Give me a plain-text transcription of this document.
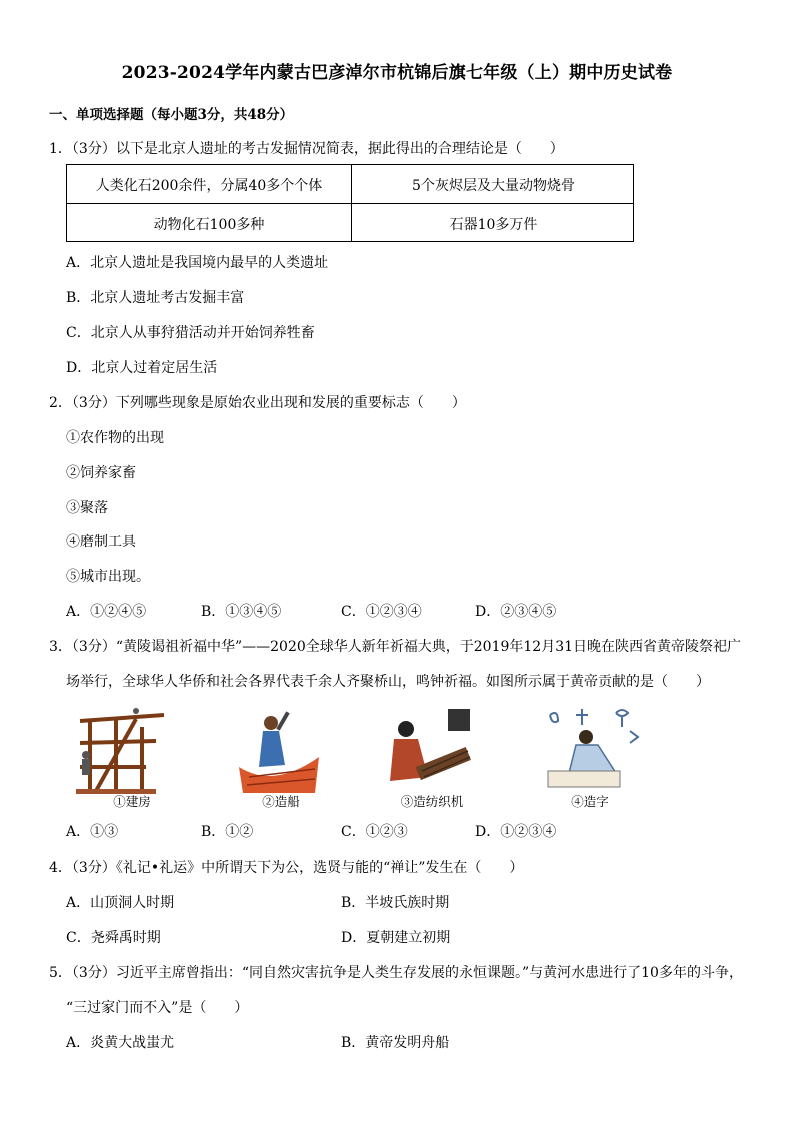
2023-2024学年内蒙古巴彦淖尔市杭锦后旗七年级（上）期中历史试卷
一、单项选择题（每小题3分，共48分）
1．（3分）以下是北京人遗址的考古发掘情况简表，据此得出的合理结论是（　　）
人类化石200余件，分属40多个个体	5个灰烬层及大量动物烧骨
动物化石100多种	石器10多万件
A．北京人遗址是我国境内最早的人类遗址
B．北京人遗址考古发掘丰富
C．北京人从事狩猎活动并开始饲养牲畜
D．北京人过着定居生活
2．（3分）下列哪些现象是原始农业出现和发展的重要标志（　　）
①农作物的出现
②饲养家畜
③聚落
④磨制工具
⑤城市出现。
A．①②④⑤	B．①③④⑤	C．①②③④	D．②③④⑤
3．（3分）“黄陵谒祖祈福中华”——2020全球华人新年祈福大典，于2019年12月31日晚在陕西省黄帝陵祭祀广
场举行，全球华人华侨和社会各界代表千余人齐聚桥山，鸣钟祈福。如图所示属于黄帝贡献的是（　　）
①建房	②造船	③造纺织机	④造字
A．①③	B．①②	C．①②③	D．①②③④
4．（3分）《礼记•礼运》中所谓天下为公，选贤与能的“禅让”发生在（　　）
A．山顶洞人时期	B．半坡氏族时期
C．尧舜禹时期	D．夏朝建立初期
5．（3分）习近平主席曾指出：“同自然灾害抗争是人类生存发展的永恒课题。”与黄河水患进行了10多年的斗争，
“三过家门而不入”是（　　）
A．炎黄大战蚩尤	B．黄帝发明舟船
